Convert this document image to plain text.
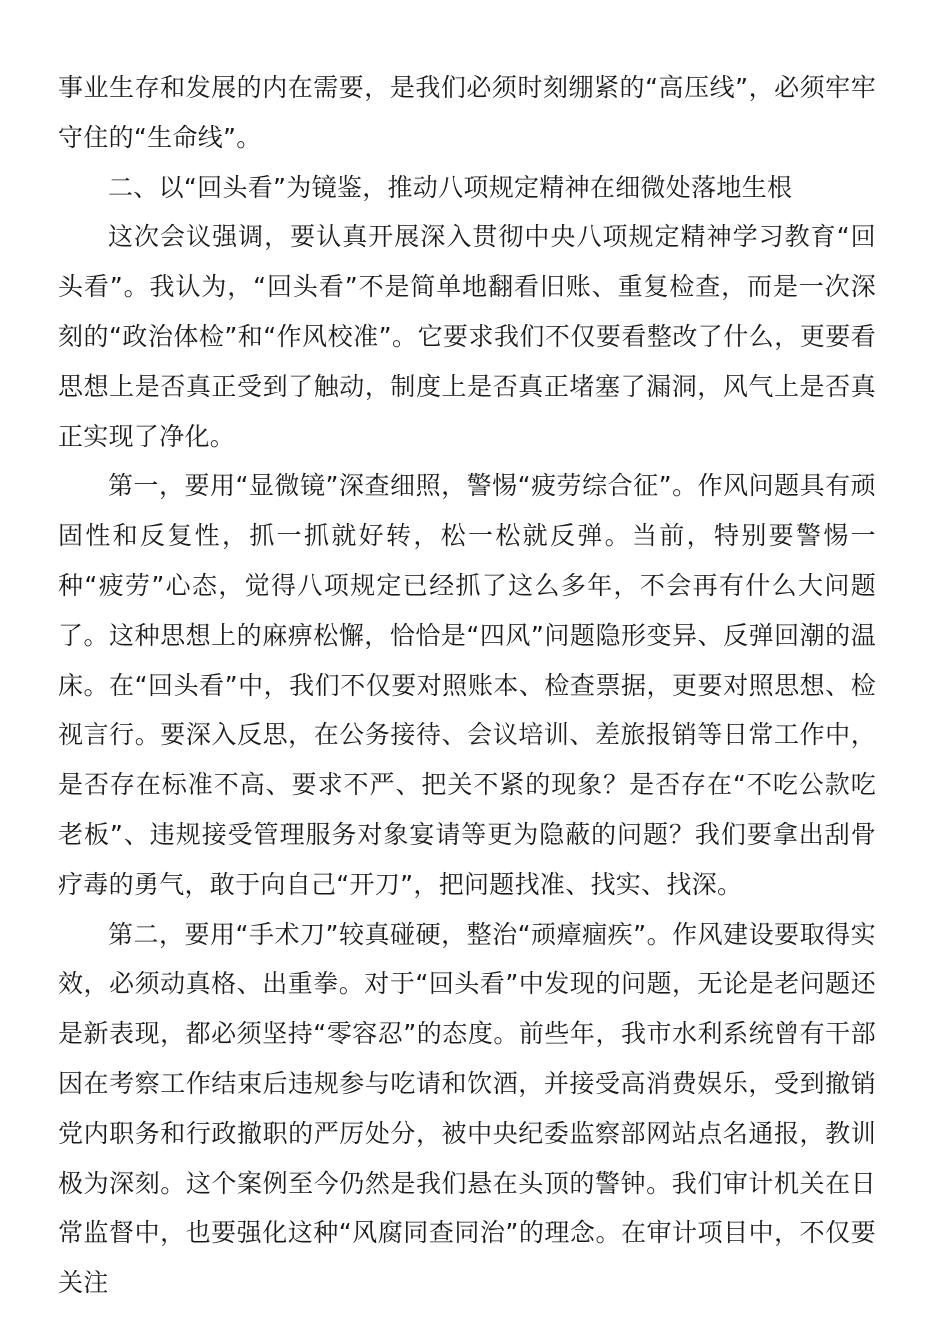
事业生存和发展的内在需要，是我们必须时刻绷紧的“高压线”，必须牢牢守住的“生命线”。

二、以“回头看”为镜鉴，推动八项规定精神在细微处落地生根

这次会议强调，要认真开展深入贯彻中央八项规定精神学习教育“回头看”。我认为，“回头看”不是简单地翻看旧账、重复检查，而是一次深刻的“政治体检”和“作风校准”。它要求我们不仅要看整改了什么，更要看思想上是否真正受到了触动，制度上是否真正堵塞了漏洞，风气上是否真正实现了净化。

第一，要用“显微镜”深查细照，警惕“疲劳综合征”。作风问题具有顽固性和反复性，抓一抓就好转，松一松就反弹。当前，特别要警惕一种“疲劳”心态，觉得八项规定已经抓了这么多年，不会再有什么大问题了。这种思想上的麻痹松懈，恰恰是“四风”问题隐形变异、反弹回潮的温床。在“回头看”中，我们不仅要对照账本、检查票据，更要对照思想、检视言行。要深入反思，在公务接待、会议培训、差旅报销等日常工作中，是否存在标准不高、要求不严、把关不紧的现象？是否存在“不吃公款吃老板”、违规接受管理服务对象宴请等更为隐蔽的问题？我们要拿出刮骨疗毒的勇气，敢于向自己“开刀”，把问题找准、找实、找深。

第二，要用“手术刀”较真碰硬，整治“顽瘴痼疾”。作风建设要取得实效，必须动真格、出重拳。对于“回头看”中发现的问题，无论是老问题还是新表现，都必须坚持“零容忍”的态度。前些年，我市水利系统曾有干部因在考察工作结束后违规参与吃请和饮酒，并接受高消费娱乐，受到撤销党内职务和行政撤职的严厉处分，被中央纪委监察部网站点名通报，教训极为深刻。这个案例至今仍然是我们悬在头顶的警钟。我们审计机关在日常监督中，也要强化这种“风腐同查同治”的理念。在审计项目中，不仅要关注
